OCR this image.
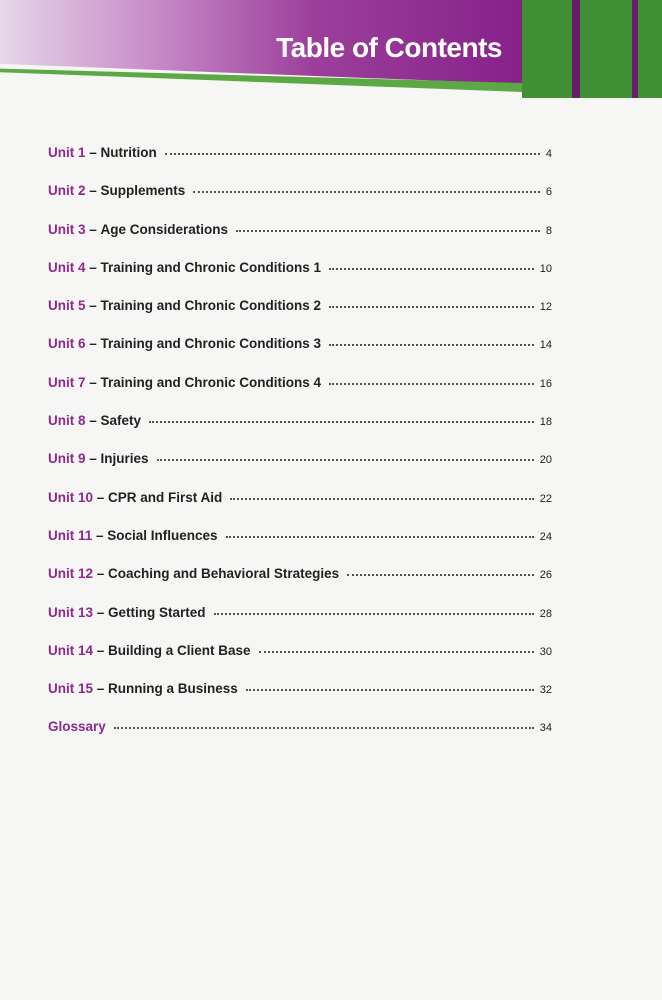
Table of Contents
Unit 1 – Nutrition	4
Unit 2 – Supplements	6
Unit 3 – Age Considerations	8
Unit 4 – Training and Chronic Conditions 1	10
Unit 5 – Training and Chronic Conditions 2	12
Unit 6 – Training and Chronic Conditions 3	14
Unit 7 – Training and Chronic Conditions 4	16
Unit 8 – Safety	18
Unit 9 – Injuries	20
Unit 10 – CPR and First Aid	22
Unit 11 – Social Influences	24
Unit 12 – Coaching and Behavioral Strategies	26
Unit 13 – Getting Started	28
Unit 14 – Building a Client Base	30
Unit 15 – Running a Business	32
Glossary	34
